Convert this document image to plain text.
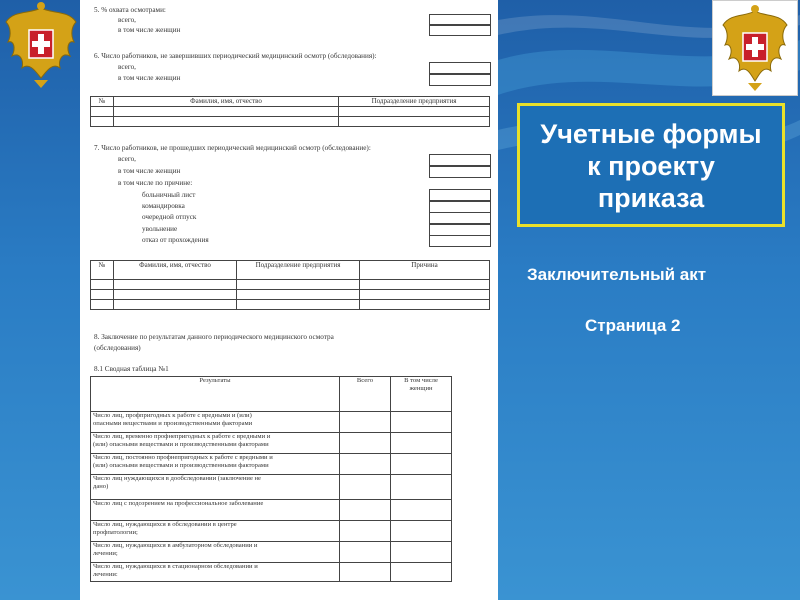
5. % охвата осмотрами:
всего,
в том числе женщин
6. Число работников, не завершивших периодический медицинский осмотр (обследования):
всего,
в том числе женщин
№	Фамилия, имя, отчество	Подразделение предприятия

7. Число работников, не прошедших периодический медицинский осмотр (обследование):
всего,
в том числе женщин
в том числе по причине:
больничный лист
командировка
очередной отпуск
увольнение
отказ от прохождения
№	Фамилия, имя, отчество	Подразделение предприятия	Причина

8. Заключение по результатам данного периодического медицинского осмотра
(обследования)
8.1 Сводная таблица №1
Результаты	Всего	В том числе женщин
Число лиц, профпригодных к работе с вредными и (или)
опасными веществами и производственными факторами		
Число лиц, временно профнепригодных к работе с вредными и
(или) опасными веществами и производственными факторами		
Число лиц, постоянно профнепригодных к работе с вредными и
(или) опасными веществами и производственными факторами		
Число лиц нуждающихся в дообследовании (заключение не
дано)		
Число лиц с подозрением на профессиональное заболевание		
Число лиц, нуждающихся в обследовании в центре
профпатологии;		
Число лиц, нуждающихся в амбулаторном обследовании и
лечении;		
Число лиц, нуждающихся в стационарном обследовании и
лечении:		
Учетные формы
к проекту
приказа
Заключительный акт
Страница 2
